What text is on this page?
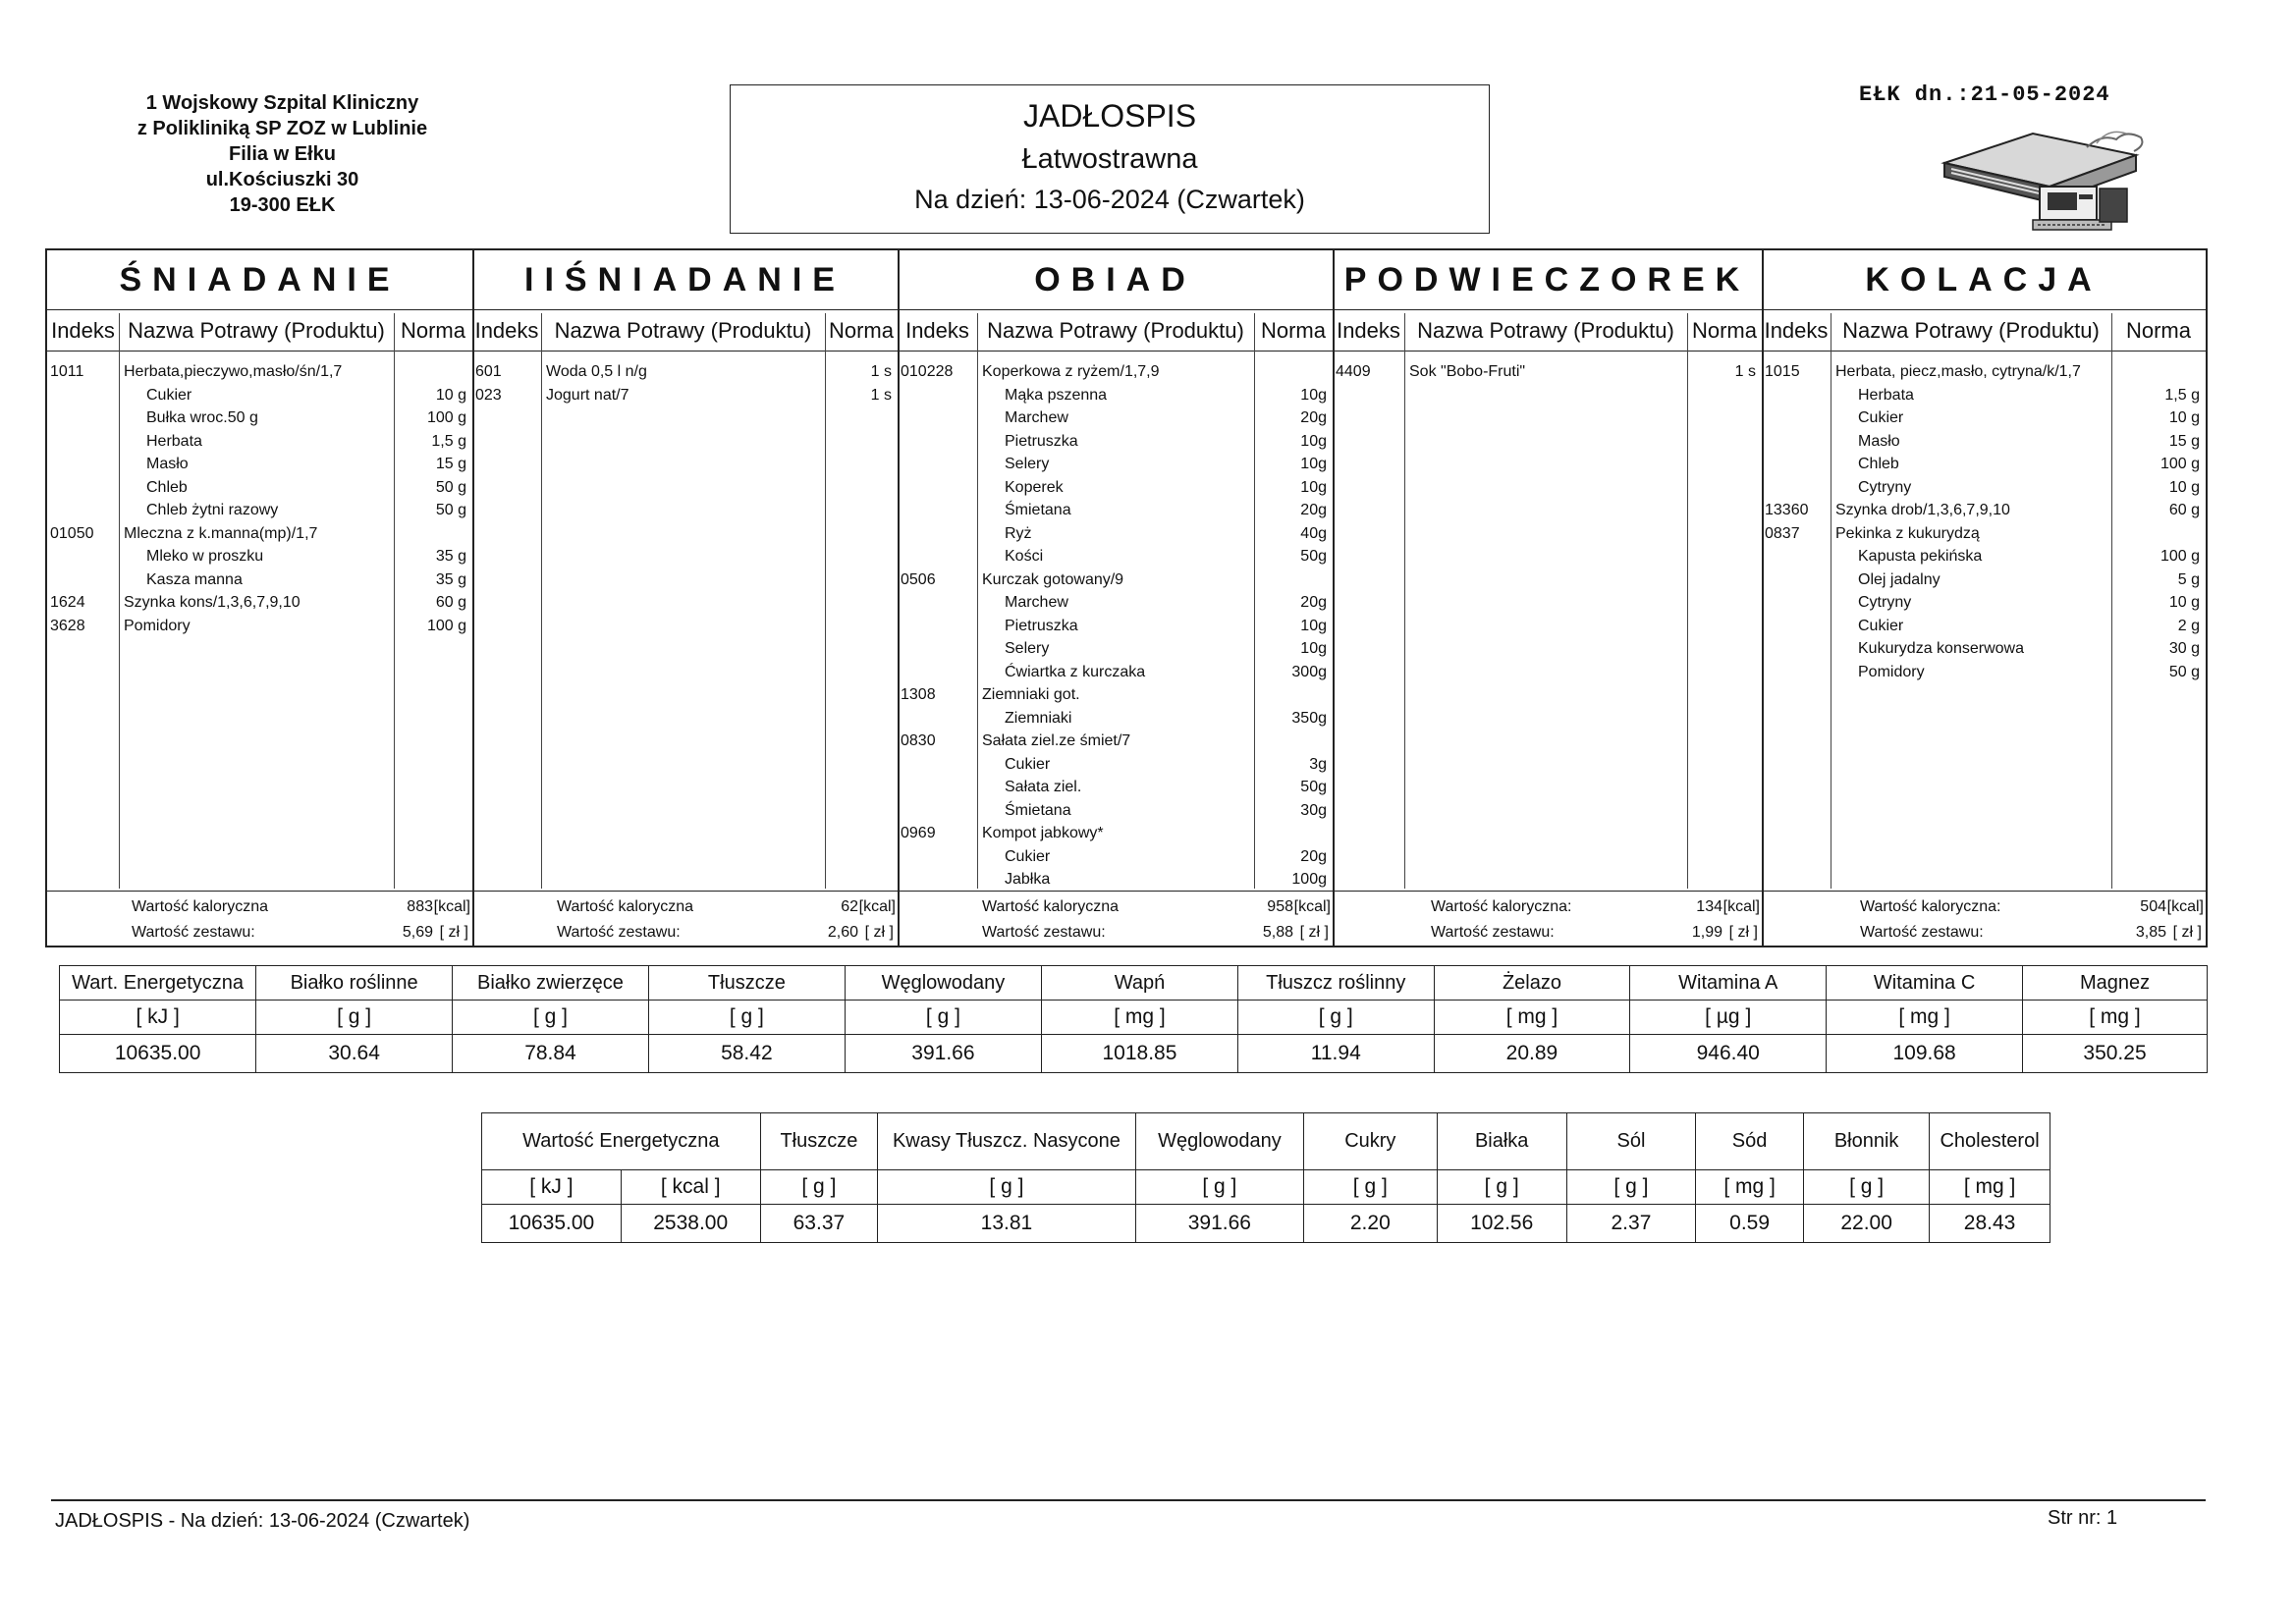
1 Wojskowy Szpital Kliniczny
z Polikliniką SP ZOZ w Lublinie
Filia w Ełku
ul.Kościuszki 30
19-300 EŁK
JADŁOSPIS
Łatwostrawna
Na dzień: 13-06-2024 (Czwartek)
EŁK dn.:21-05-2024
ŚNIADANIE
Indeks Nazwa Potrawy (Produktu) Norma
1011	Herbata,pieczywo,masło/śn/1,7
Cukier	10 g
Bułka wroc.50 g	100 g
Herbata	1,5 g
Masło	15 g
Chleb	50 g
Chleb żytni razowy	50 g
01050 Mleczna z k.manna(mp)/1,7
Mleko w proszku	35 g
Kasza manna	35 g
1624 Szynka kons/1,3,6,7,9,10	60 g
3628 Pomidory	100 g
Wartość kaloryczna	883 [kcal]
Wartość zestawu:	5,69 [ zł ]
IIŚNIADANIE
Indeks Nazwa Potrawy (Produktu) Norma
601	Woda 0,5 l n/g	1 s
023	Jogurt nat/7	1 s
Wartość kaloryczna	62 [kcal]
Wartość zestawu:	2,60 [ zł ]
OBIAD
Indeks Nazwa Potrawy (Produktu) Norma
010228 Koperkowa z ryżem/1,7,9
Mąka pszenna	10g
Marchew	20g
Pietruszka	10g
Selery	10g
Koperek	10g
Śmietana	20g
Ryż	40g
Kości	50g
0506	Kurczak gotowany/9
Marchew	20g
Pietruszka	10g
Selery	10g
Ćwiartka z kurczaka	300g
1308	Ziemniaki got.
Ziemniaki	350g
0830	Sałata ziel.ze śmiet/7
Cukier	3g
Sałata ziel.	50g
Śmietana	30g
0969	Kompot jabkowy*
Cukier	20g
Jabłka	100g
Wartość kaloryczna	958 [kcal]
Wartość zestawu:	5,88 [ zł ]
PODWIECZOREK
Indeks Nazwa Potrawy (Produktu) Norma
4409 Sok "Bobo-Fruti"	1 s
Wartość kaloryczna:	134 [kcal]
Wartość zestawu:	1,99 [ zł ]
KOLACJA
Indeks Nazwa Potrawy (Produktu)	Norma
1015 Herbata, piecz,masło, cytryna/k/1,7
Herbata	1,5 g
Cukier	10 g
Masło	15 g
Chleb	100 g
Cytryny	10 g
13360 Szynka drob/1,3,6,7,9,10	60 g
0837 Pekinka z kukurydzą
Kapusta pekińska	100 g
Olej jadalny	5 g
Cytryny	10 g
Cukier	2 g
Kukurydza konserwowa	30 g
Pomidory	50 g
Wartość kaloryczna:	504 [kcal]
Wartość zestawu:	3,85 [ zł ]
Wart. Energetyczna	Białko roślinne	Białko zwierzęce	Tłuszcze	Węglowodany	Wapń	Tłuszcz roślinny	Żelazo	Witamina A	Witamina C	Magnez
[ kJ ]	[ g ]	[ g ]	[ g ]	[ g ]	[ mg ]	[ g ]	[ mg ]	[ µg ]	[ mg ]	[ mg ]
10635.00	30.64	78.84	58.42	391.66	1018.85	11.94	20.89	946.40	109.68	350.25
Wartość Energetyczna		Tłuszcze	Kwasy Tłuszcz. Nasycone	Węglowodany	Cukry	Białka	Sól	Sód	Błonnik	Cholesterol
[ kJ ]	[ kcal ]	[ g ]	[ g ]	[ g ]	[ g ]	[ g ]	[ g ]	[ mg ]	[ g ]	[ mg ]
10635.00	2538.00	63.37	13.81	391.66	2.20	102.56	2.37	0.59	22.00	28.43
JADŁOSPIS - Na dzień: 13-06-2024 (Czwartek)	Str nr: 1
